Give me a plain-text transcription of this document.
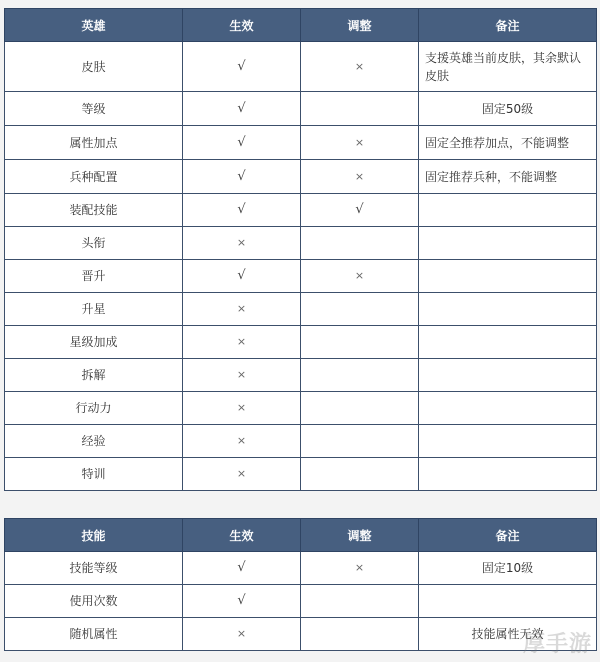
英雄	生效	调整	备注
皮肤	√	×	支援英雄当前皮肤，其余默认皮肤
等级	√		固定50级
属性加点	√	×	固定全推荐加点，不能调整
兵种配置	√	×	固定推荐兵种，不能调整
装配技能	√	√	
头衔	×		
晋升	√	×	
升星	×		
星级加成	×		
拆解	×		
行动力	×		
经验	×		
特训	×		
技能	生效	调整	备注
技能等级	√	×	固定10级
使用次数	√		
随机属性	×		技能属性无效
厚手游
